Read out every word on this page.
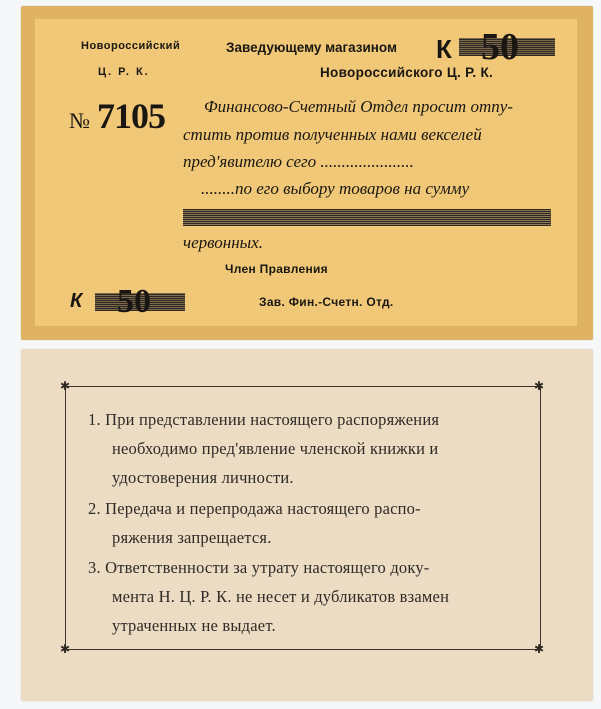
Новороссийский
Ц. Р. К.
Заведующему магазином
Новороссийского Ц. Р. К.
К 50
№ 7105 Финансово-Счетный Отдел просит отпу-
стить против полученных нами векселей
пред'явителю сего ......................
........по его выбору товаров на сумму
червонных.
Член Правления
Зав. Фин.-Счетн. Отд.
К 50
✱	✱
✱	✱
1. При представлении настоящего распоряжения
необходимо пред'явление членской книжки и
удостоверения личности.
2. Передача и перепродажа настоящего распо-
ряжения запрещается.
3. Ответственности за утрату настоящего доку-
мента Н. Ц. Р. К. не несет и дубликатов взамен
утраченных не выдает.
